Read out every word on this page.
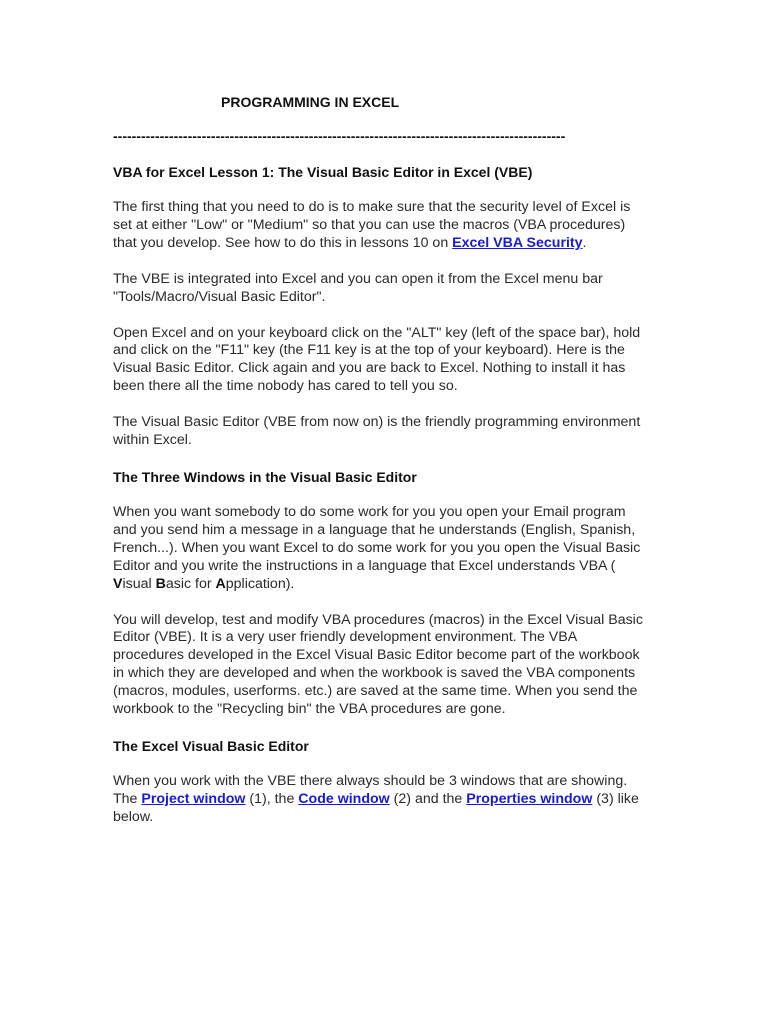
PROGRAMMING IN EXCEL
-------------------------------------------------------------------------------------------------
VBA for Excel Lesson 1: The Visual Basic Editor in Excel (VBE)

The first thing that you need to do is to make sure that the security level of Excel is set at either "Low" or "Medium" so that you can use the macros (VBA procedures) that you develop. See how to do this in lessons 10 on Excel VBA Security.

The VBE is integrated into Excel and you can open it from the Excel menu bar "Tools/Macro/Visual Basic Editor".

Open Excel and on your keyboard click on the "ALT" key (left of the space bar), hold and click on the "F11" key (the F11 key is at the top of your keyboard). Here is the Visual Basic Editor. Click again and you are back to Excel. Nothing to install it has been there all the time nobody has cared to tell you so.

The Visual Basic Editor (VBE from now on) is the friendly programming environment within Excel.

The Three Windows in the Visual Basic Editor

When you want somebody to do some work for you you open your Email program and you send him a message in a language that he understands (English, Spanish, French...). When you want Excel to do some work for you you open the Visual Basic Editor and you write the instructions in a language that Excel understands VBA ( Visual Basic for Application).

You will develop, test and modify VBA procedures (macros) in the Excel Visual Basic Editor (VBE). It is a very user friendly development environment. The VBA procedures developed in the Excel Visual Basic Editor become part of the workbook in which they are developed and when the workbook is saved the VBA components (macros, modules, userforms. etc.) are saved at the same time. When you send the workbook to the "Recycling bin" the VBA procedures are gone.

The Excel Visual Basic Editor

When you work with the VBE there always should be 3 windows that are showing. The Project window (1), the Code window (2) and the Properties window (3) like below.
